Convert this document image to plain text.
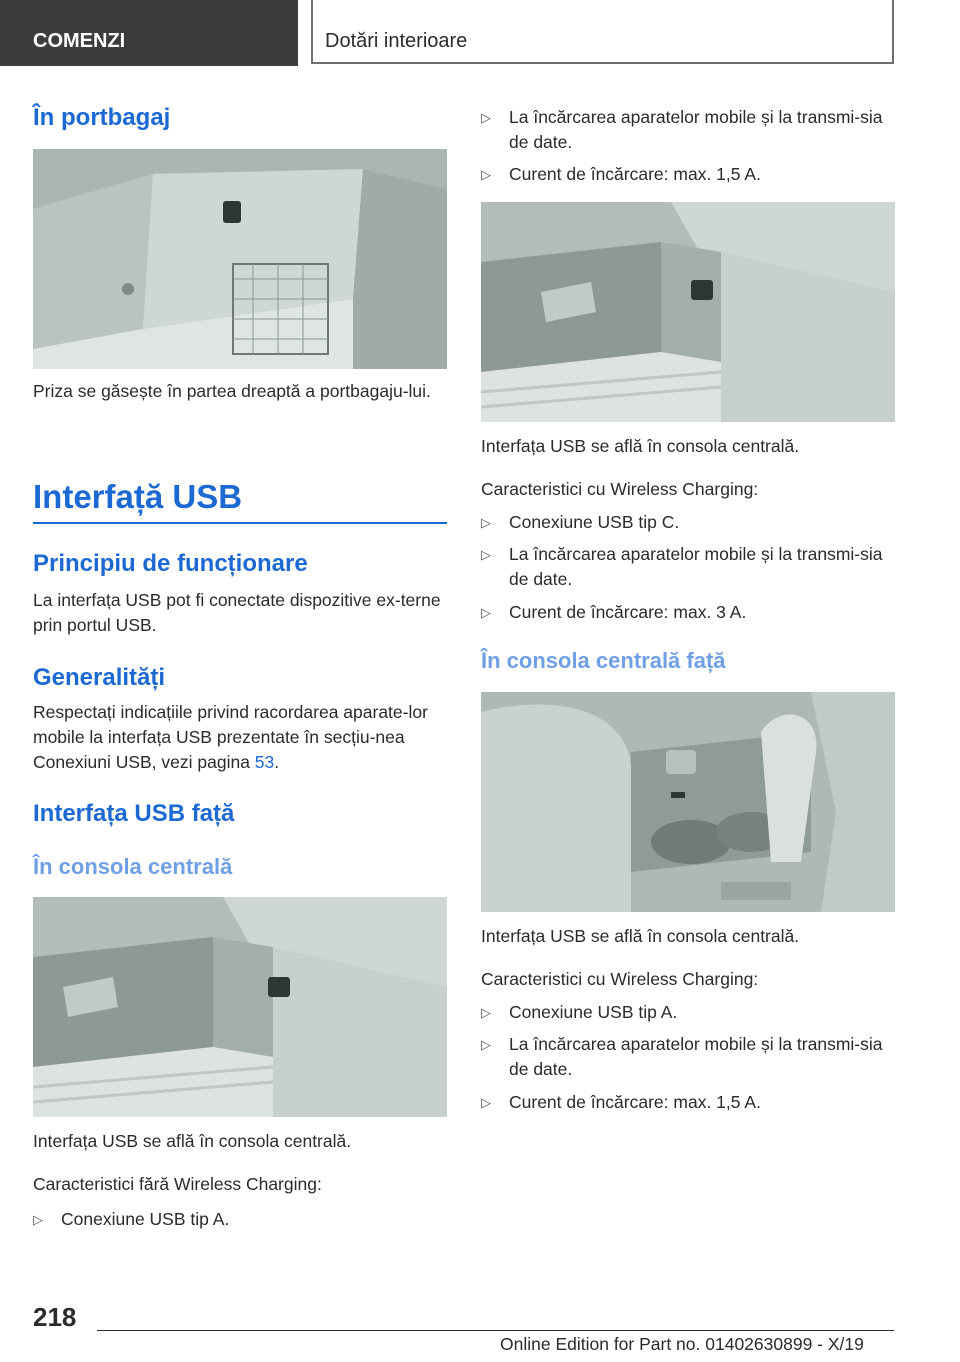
COMENZI	Dotări interioare
În portbagaj
Priza se găsește în partea dreaptă a portbagaju-lui.
Interfață USB
Principiu de funcționare
La interfața USB pot fi conectate dispozitive ex-terne prin portul USB.
Generalități
Respectați indicațiile privind racordarea aparate-lor mobile la interfața USB prezentate în secțiu-nea Conexiuni USB, vezi pagina 53.
Interfața USB față
În consola centrală
Interfața USB se află în consola centrală.
Caracteristici fără Wireless Charging:
▷ Conexiune USB tip A.
▷ La încărcarea aparatelor mobile și la transmi-sia de date.
▷ Curent de încărcare: max. 1,5 A.
Interfața USB se află în consola centrală.
Caracteristici cu Wireless Charging:
▷ Conexiune USB tip C.
▷ La încărcarea aparatelor mobile și la transmi-sia de date.
▷ Curent de încărcare: max. 3 A.
În consola centrală față
Interfața USB se află în consola centrală.
Caracteristici cu Wireless Charging:
▷ Conexiune USB tip A.
▷ La încărcarea aparatelor mobile și la transmi-sia de date.
▷ Curent de încărcare: max. 1,5 A.
218
Online Edition for Part no. 01402630899 - X/19
